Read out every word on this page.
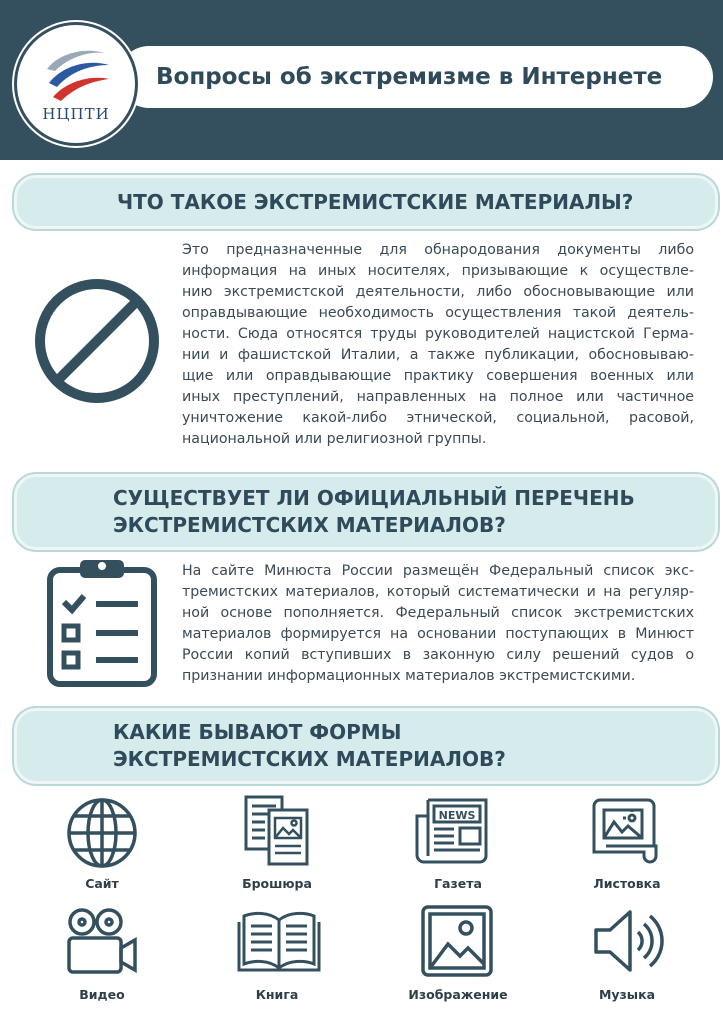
Вопросы об экстремизме в Интернете
НЦПТИ
ЧТО ТАКОЕ ЭКСТРЕМИСТСКИЕ МАТЕРИАЛЫ?
Это предназначенные для обнародования документы либо
информация на иных носителях, призывающие к осуществле-
нию экстремистской деятельности, либо обосновывающие или
оправдывающие необходимость осуществления такой деятель-
ности. Сюда относятся труды руководителей нацистской Герма-
нии и фашистской Италии, а также публикации, обосновываю-
щие или оправдывающие практику совершения военных или
иных преступлений, направленных на полное или частичное
уничтожение какой-либо этнической, социальной, расовой,
национальной или религиозной группы.
СУЩЕСТВУЕТ ЛИ ОФИЦИАЛЬНЫЙ ПЕРЕЧЕНЬ
ЭКСТРЕМИСТСКИХ МАТЕРИАЛОВ?
На сайте Минюста России размещён Федеральный список экс-
тремистских материалов, который систематически и на регуляр-
ной основе пополняется. Федеральный список экстремистских
материалов формируется на основании поступающих в Минюст
России копий вступивших в законную силу решений судов о
признании информационных материалов экстремистскими.
КАКИЕ БЫВАЮТ ФОРМЫ
ЭКСТРЕМИСТСКИХ МАТЕРИАЛОВ?
Сайт	Брошюра
NEWS
Газета	Листовка
Видео	Книга	Изображение	Музыка
